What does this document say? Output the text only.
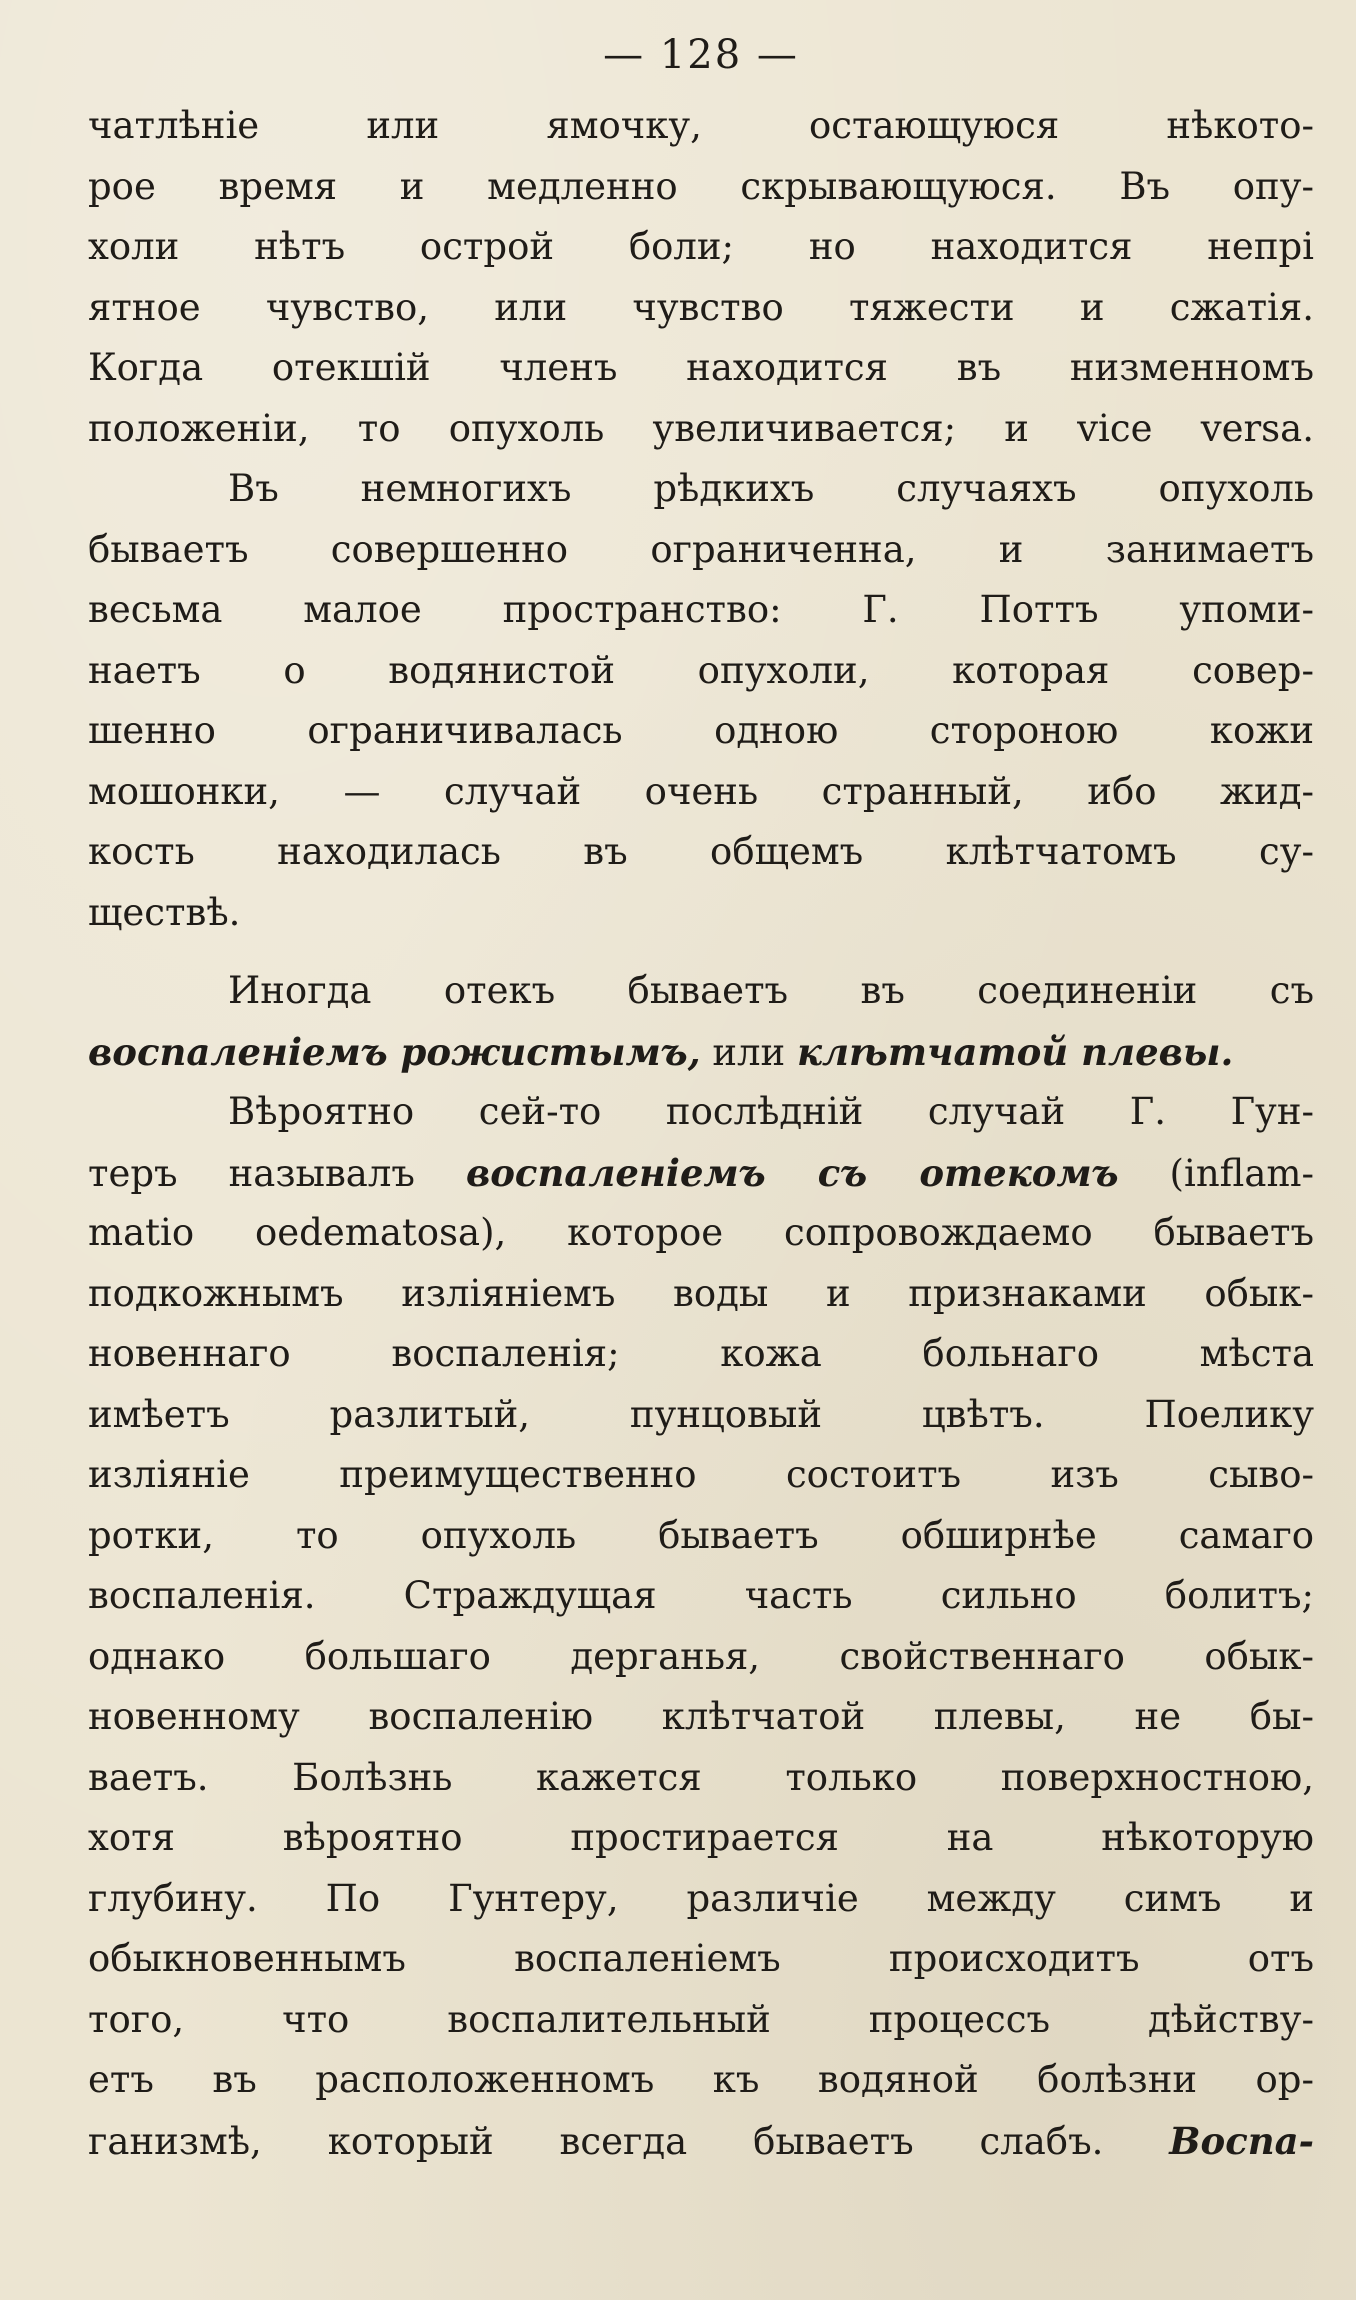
— 128 —
чатлѣніе или ямочку, остающуюся нѣкото-
рое время и медленно скрывающуюся. Въ опу-
холи нѣтъ острой боли; но находится непрі
ятное чувство, или чувство тяжести и сжатія.
Когда отекшій членъ находится въ низменномъ
положеніи, то опухоль увеличивается; и vice versa.
Въ немногихъ рѣдкихъ случаяхъ опухоль
бываетъ совершенно ограниченна, и занимаетъ
весьма малое пространство: Г. Поттъ упоми-
наетъ о водянистой опухоли, которая совер-
шенно ограничивалась одною стороною кожи
мошонки, — случай очень странный, ибо жид-
кость находилась въ общемъ клѣтчатомъ су-
ществѣ.
Иногда отекъ бываетъ въ соединеніи съ
воспаленіемъ рожистымъ, или клѣтчатой плевы.
Вѣроятно сей-то послѣдній случай Г. Гун-
теръ называлъ воспаленіемъ съ отекомъ (inflam-
matio oedematosa), которое сопровождаемо бываетъ
подкожнымъ изліяніемъ воды и признаками обык-
новеннаго воспаленія; кожа больнаго мѣста
имѣетъ разлитый, пунцовый цвѣтъ. Поелику
изліяніе преимущественно состоитъ изъ сыво-
ротки, то опухоль бываетъ обширнѣе самаго
воспаленія. Страждущая часть сильно болитъ;
однако большаго дерганья, свойственнаго обык-
новенному воспаленію клѣтчатой плевы, не бы-
ваетъ. Болѣзнь кажется только поверхностною,
хотя вѣроятно простирается на нѣкоторую
глубину. По Гунтеру, различіе между симъ и
обыкновеннымъ воспаленіемъ происходитъ отъ
того, что воспалительный процессъ дѣйству-
етъ въ расположенномъ къ водяной болѣзни ор-
ганизмѣ, который всегда бываетъ слабъ. Воспа-
